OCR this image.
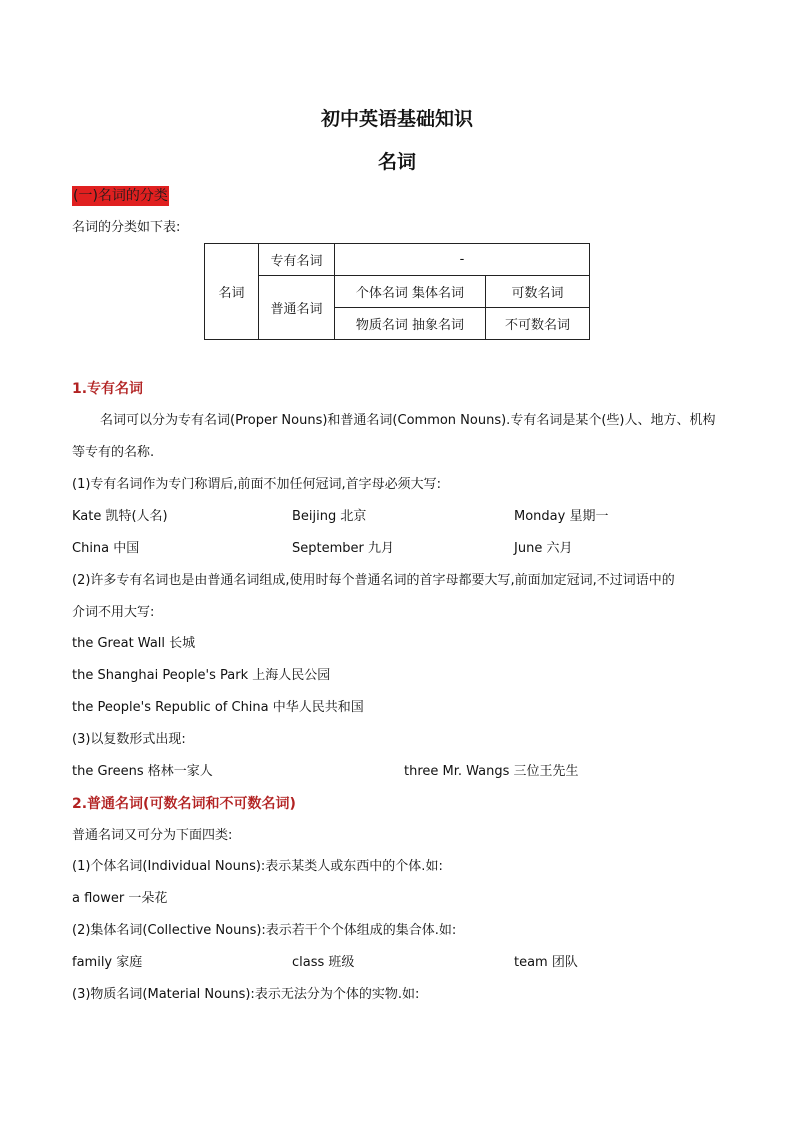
初中英语基础知识
名词
(一)名词的分类
名词的分类如下表:
名词	专有名词	-	
	普通名词	个体名词 集体名词	可数名词
		物质名词 抽象名词	不可数名词
1.专有名词
名词可以分为专有名词(Proper Nouns)和普通名词(Common Nouns).专有名词是某个(些)人、地方、机构
等专有的名称.
(1)专有名词作为专门称谓后,前面不加任何冠词,首字母必须大写:
Kate 凯特(人名)	Beijing 北京	Monday 星期一
China 中国	September 九月	June 六月
(2)许多专有名词也是由普通名词组成,使用时每个普通名词的首字母都要大写,前面加定冠词,不过词语中的
介词不用大写:
the Great Wall 长城
the Shanghai People's Park 上海人民公园
the People's Republic of China 中华人民共和国
(3)以复数形式出现:
the Greens 格林一家人	three Mr. Wangs 三位王先生
2.普通名词(可数名词和不可数名词)
普通名词又可分为下面四类:
(1)个体名词(Individual Nouns):表示某类人或东西中的个体.如:
a flower 一朵花
(2)集体名词(Collective Nouns):表示若干个个体组成的集合体.如:
family 家庭	class 班级	team 团队
(3)物质名词(Material Nouns):表示无法分为个体的实物.如:
